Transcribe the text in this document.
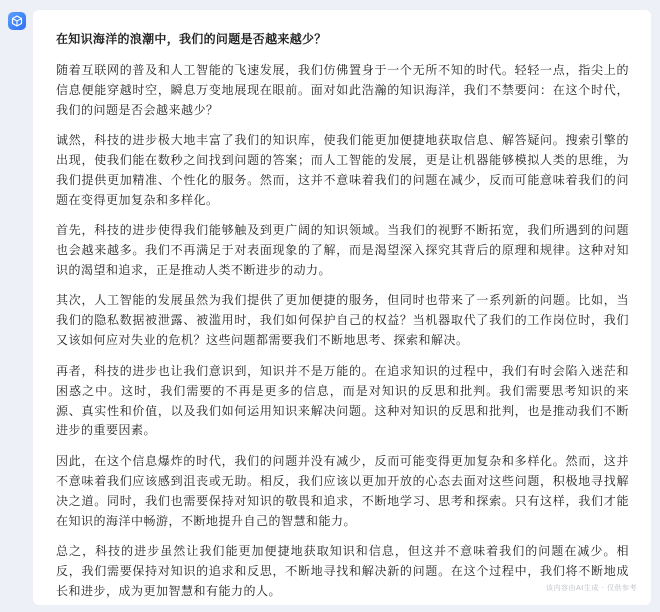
在知识海洋的浪潮中，我们的问题是否越来越少？

随着互联网的普及和人工智能的飞速发展，我们仿佛置身于一个无所不知的时代。轻轻一点，指尖上的信息便能穿越时空，瞬息万变地展现在眼前。面对如此浩瀚的知识海洋，我们不禁要问：在这个时代，我们的问题是否会越来越少？

诚然，科技的进步极大地丰富了我们的知识库，使我们能更加便捷地获取信息、解答疑问。搜索引擎的出现，使我们能在数秒之间找到问题的答案；而人工智能的发展，更是让机器能够模拟人类的思维，为我们提供更加精准、个性化的服务。然而，这并不意味着我们的问题在减少，反而可能意味着我们的问题在变得更加复杂和多样化。

首先，科技的进步使得我们能够触及到更广阔的知识领域。当我们的视野不断拓宽，我们所遇到的问题也会越来越多。我们不再满足于对表面现象的了解，而是渴望深入探究其背后的原理和规律。这种对知识的渴望和追求，正是推动人类不断进步的动力。

其次，人工智能的发展虽然为我们提供了更加便捷的服务，但同时也带来了一系列新的问题。比如，当我们的隐私数据被泄露、被滥用时，我们如何保护自己的权益？当机器取代了我们的工作岗位时，我们又该如何应对失业的危机？这些问题都需要我们不断地思考、探索和解决。

再者，科技的进步也让我们意识到，知识并不是万能的。在追求知识的过程中，我们有时会陷入迷茫和困惑之中。这时，我们需要的不再是更多的信息，而是对知识的反思和批判。我们需要思考知识的来源、真实性和价值，以及我们如何运用知识来解决问题。这种对知识的反思和批判，也是推动我们不断进步的重要因素。

因此，在这个信息爆炸的时代，我们的问题并没有减少，反而可能变得更加复杂和多样化。然而，这并不意味着我们应该感到沮丧或无助。相反，我们应该以更加开放的心态去面对这些问题，积极地寻找解决之道。同时，我们也需要保持对知识的敬畏和追求，不断地学习、思考和探索。只有这样，我们才能在知识的海洋中畅游，不断地提升自己的智慧和能力。

总之，科技的进步虽然让我们能更加便捷地获取知识和信息，但这并不意味着我们的问题在减少。相反，我们需要保持对知识的追求和反思，不断地寻找和解决新的问题。在这个过程中，我们将不断地成长和进步，成为更加智慧和有能力的人。	该内容由AI生成 · 仅供参考
